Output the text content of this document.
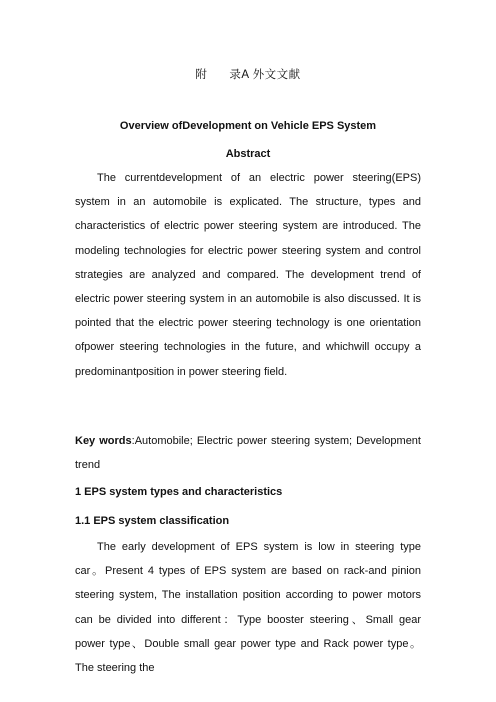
附 录A 外文文献
Overview ofDevelopment on Vehicle EPS System
Abstract

The currentdevelopment of an electric power steering(EPS) system in an automobile is explicated. The structure, types and characteristics of electric power steering system are introduced. The modeling technologies for electric power steering system and control strategies are analyzed and compared. The development trend of electric power steering system in an automobile is also discussed. It is pointed that the electric power steering technology is one orientation ofpower steering technologies in the future, and whichwill occupy a predominantposition in power steering field.

Key words:Automobile; Electric power steering system; Development trend

1 EPS system types and characteristics
1.1 EPS system classification

The early development of EPS system is low in steering type car。Present 4 types of EPS system are based on rack-and pinion steering system, The installation position according to power motors can be divided into different：Type booster steering、Small gear power type、Double small gear power type and Rack power type。The steering the
